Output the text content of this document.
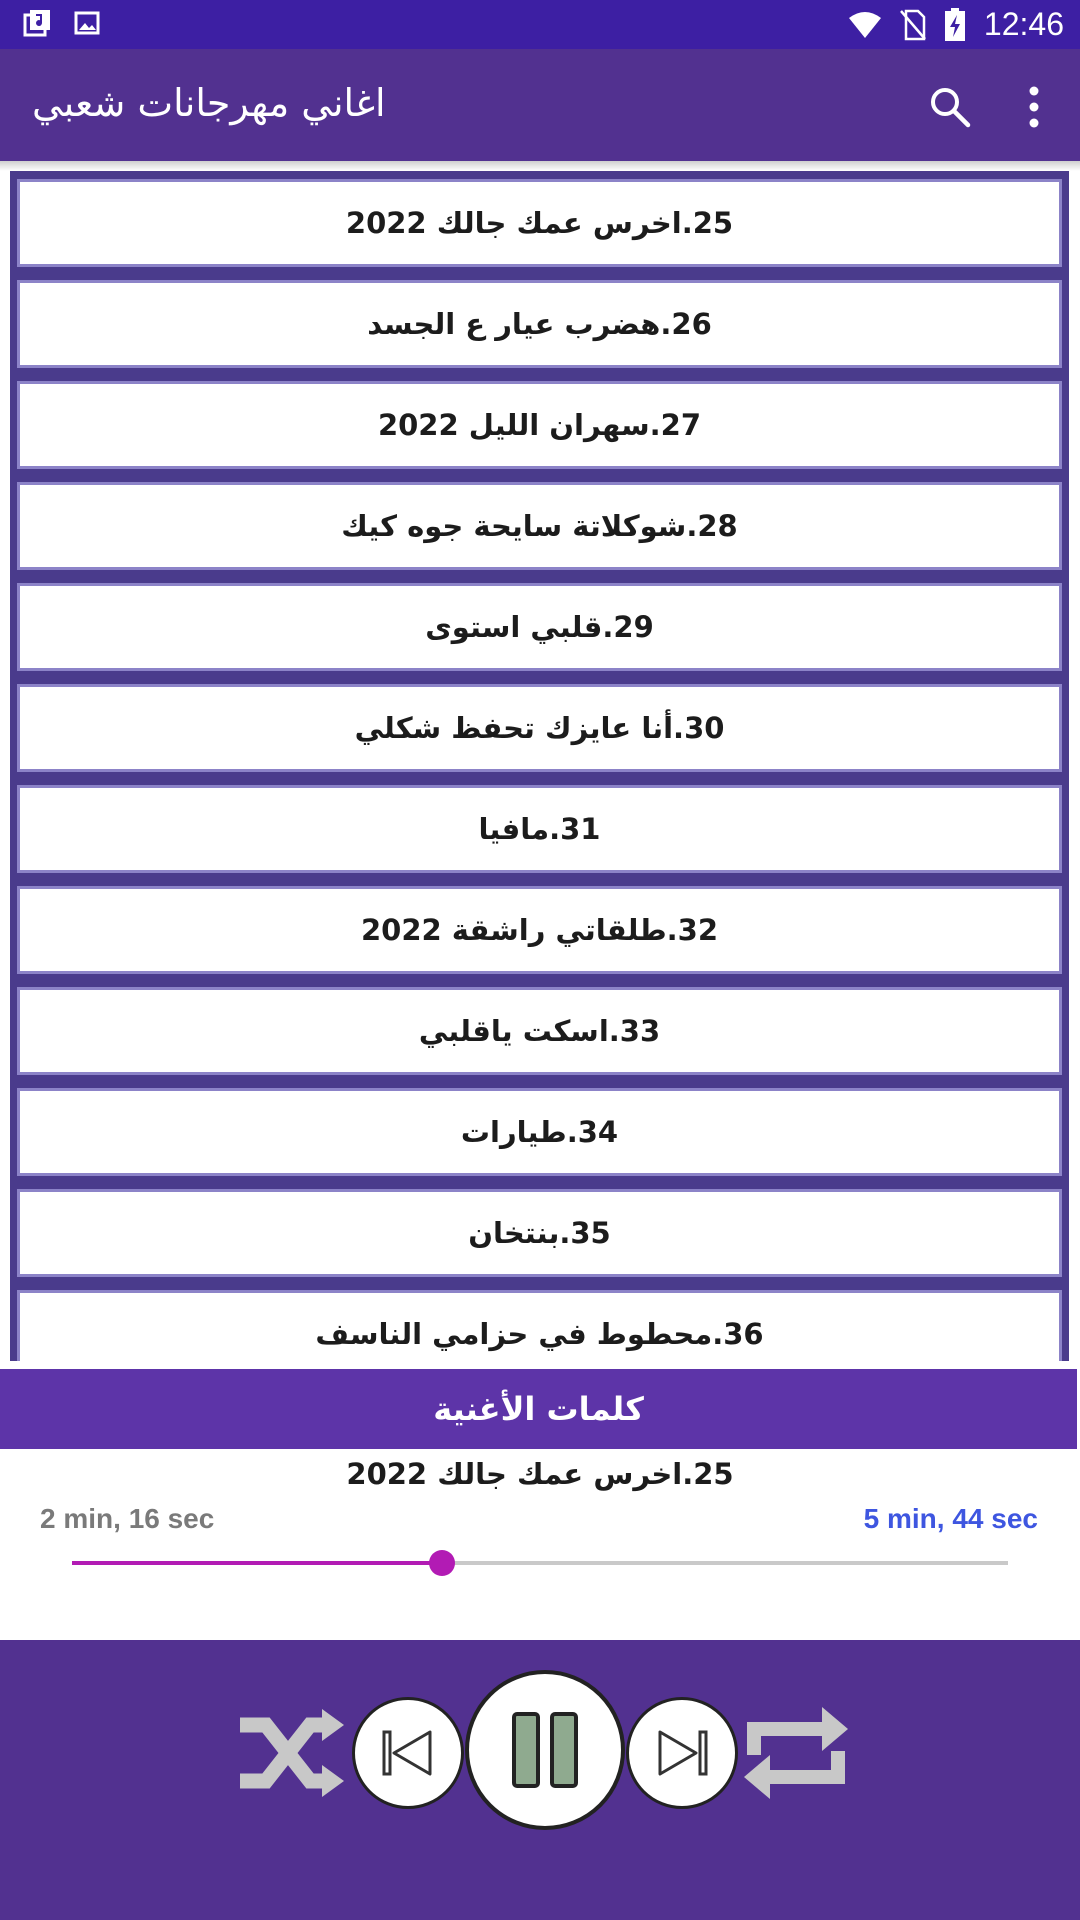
12:46
اغاني مهرجانات شعبي
25.اخرس عمك جالك 2022
26.هضرب عيار ع الجسد
27.سهران الليل 2022
28.شوكلاتة سايحة جوه كيك
29.قلبي استوى
30.أنا عايزك تحفظ شكلي
31.مافيا
32.طلقاتي راشقة 2022
33.اسكت ياقلبي
34.طيارات
35.بنتخان
36.محطوط في حزامي الناسف
كلمات الأغنية
25.اخرس عمك جالك 2022
2 min, 16 sec	5 min, 44 sec
